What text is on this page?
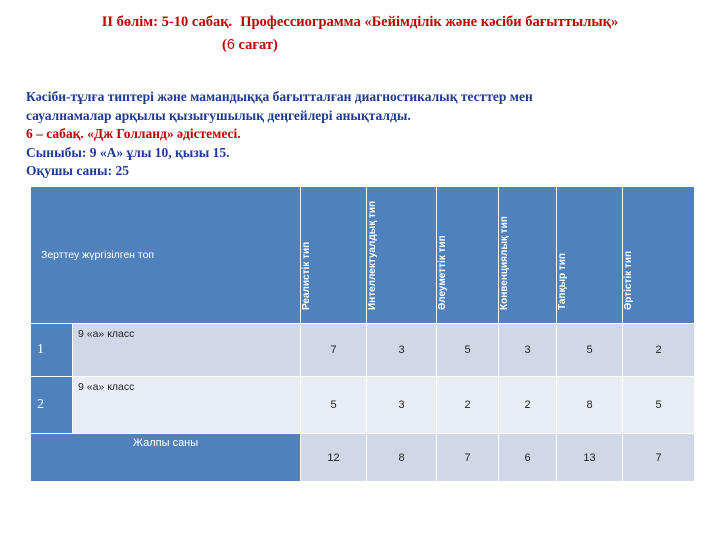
ІІ бөлім: 5-10 сабақ. Профессиограмма «Бейімділік және кәсіби бағыттылық»
(6 сағат)
Кәсіби-тұлға типтері және мамандыққа бағытталған диагностикалық тесттер мен
сауалнамалар арқылы қызығушылық деңгейлері анықталды.
6 – сабақ. «Дж Голланд» әдістемесі.
Сыныбы: 9 «А» ұлы 10, қызы 15.
Оқушы саны: 25
Зерттеу жүргізілген топ		Реалистік тип	Интеллектуалдық тип	Әлеуметтік тип	Конвенциялық тип	Тапқыр тип	Әртістік тип

1	9 «а» класс	7	3	5	3	5	2
2	9 «а» класс	5	3	2	2	8	5
Жалпы саны		12	8	7	6	13	7
